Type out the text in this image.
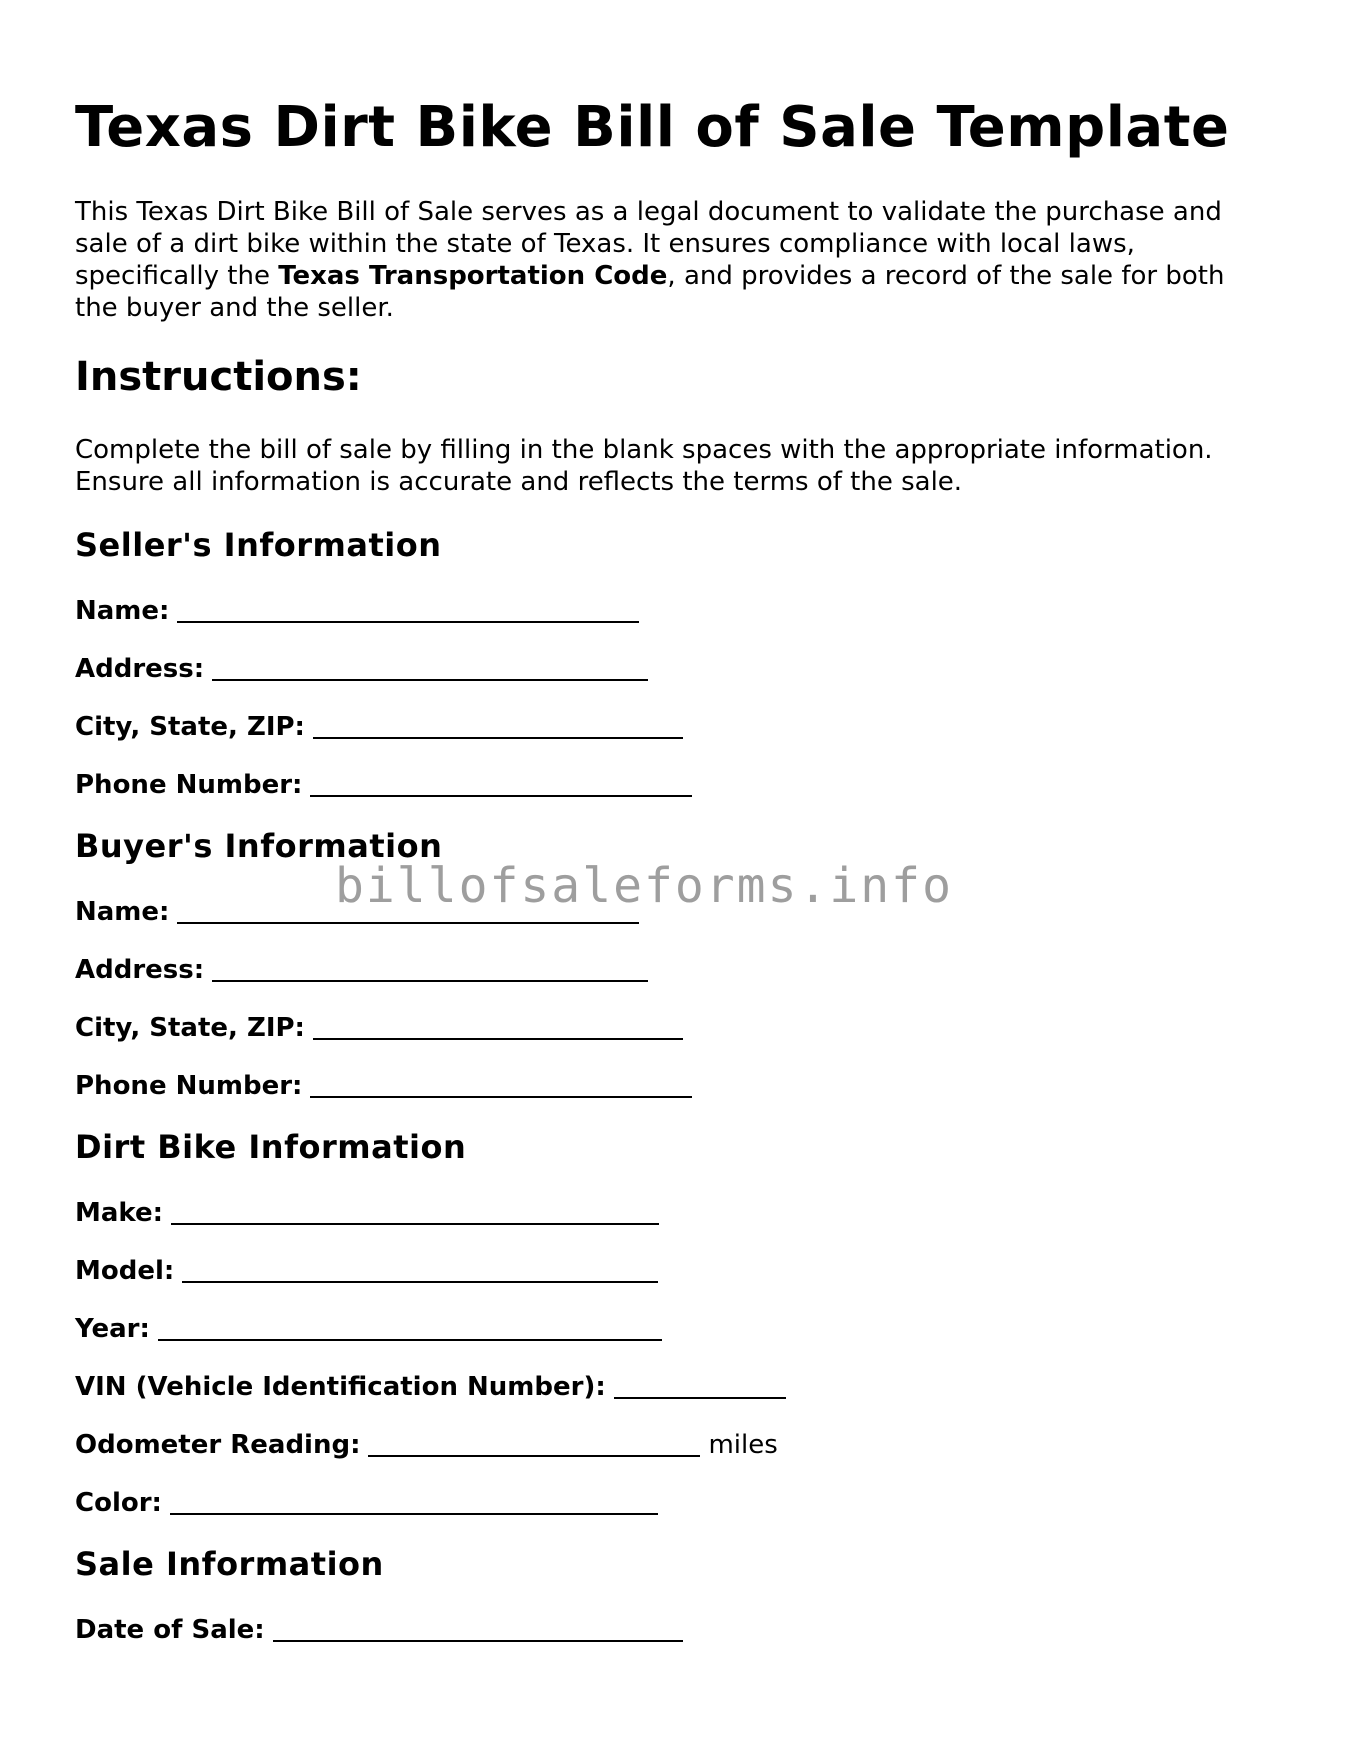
Texas Dirt Bike Bill of Sale Template

This Texas Dirt Bike Bill of Sale serves as a legal document to validate the purchase and sale of a dirt bike within the state of Texas. It ensures compliance with local laws, specifically the Texas Transportation Code, and provides a record of the sale for both the buyer and the seller.

Instructions:

Complete the bill of sale by filling in the blank spaces with the appropriate information. Ensure all information is accurate and reflects the terms of the sale.

Seller's Information
Name:
Address:
City, State, ZIP:
Phone Number:
Buyer's Information
Name:
Address:
City, State, ZIP:
Phone Number:
Dirt Bike Information
Make:
Model:
Year:
VIN (Vehicle Identification Number):
Odometer Reading:	miles
Color:
Sale Information
Date of Sale:
billofsaleforms.info
